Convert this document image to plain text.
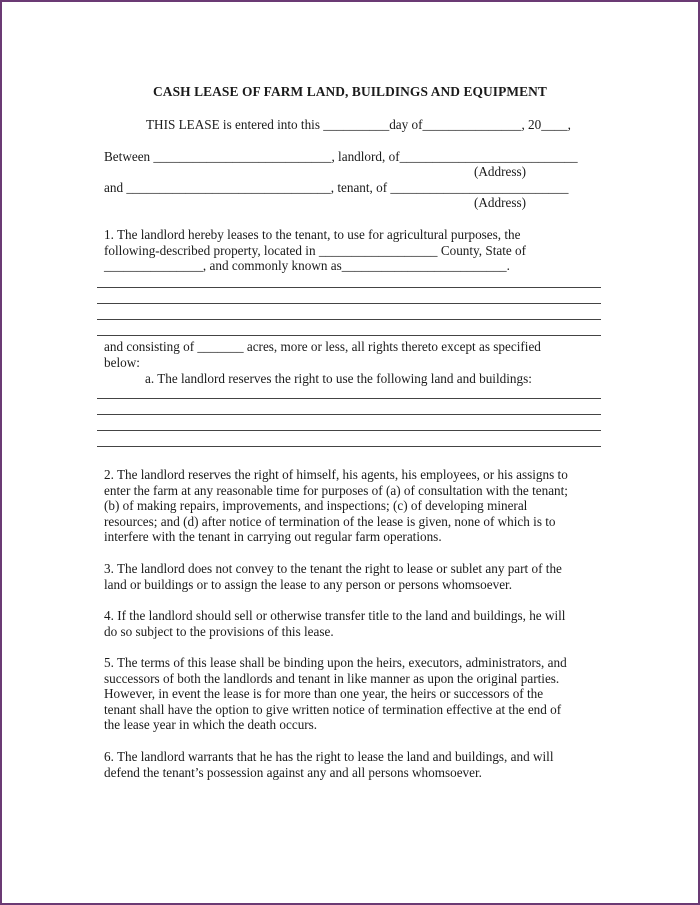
CASH LEASE OF FARM LAND, BUILDINGS AND EQUIPMENT
THIS LEASE is entered into this __________day of_______________, 20____,
Between ___________________________, landlord, of___________________________
(Address)
and _______________________________, tenant, of ___________________________
(Address)
1. The landlord hereby leases to the tenant, to use for agricultural purposes, the
following-described property, located in __________________ County, State of
_______________, and commonly known as_________________________.
and consisting of _______ acres, more or less, all rights thereto except as specified
below:
a. The landlord reserves the right to use the following land and buildings:
2. The landlord reserves the right of himself, his agents, his employees, or his assigns to
enter the farm at any reasonable time for purposes of (a) of consultation with the tenant;
(b) of making repairs, improvements, and inspections; (c) of developing mineral
resources; and (d) after notice of termination of the lease is given, none of which is to
interfere with the tenant in carrying out regular farm operations.
3. The landlord does not convey to the tenant the right to lease or sublet any part of the
land or buildings or to assign the lease to any person or persons whomsoever.
4. If the landlord should sell or otherwise transfer title to the land and buildings, he will
do so subject to the provisions of this lease.
5. The terms of this lease shall be binding upon the heirs, executors, administrators, and
successors of both the landlords and tenant in like manner as upon the original parties.
However, in event the lease is for more than one year, the heirs or successors of the
tenant shall have the option to give written notice of termination effective at the end of
the lease year in which the death occurs.
6. The landlord warrants that he has the right to lease the land and buildings, and will
defend the tenant’s possession against any and all persons whomsoever.
